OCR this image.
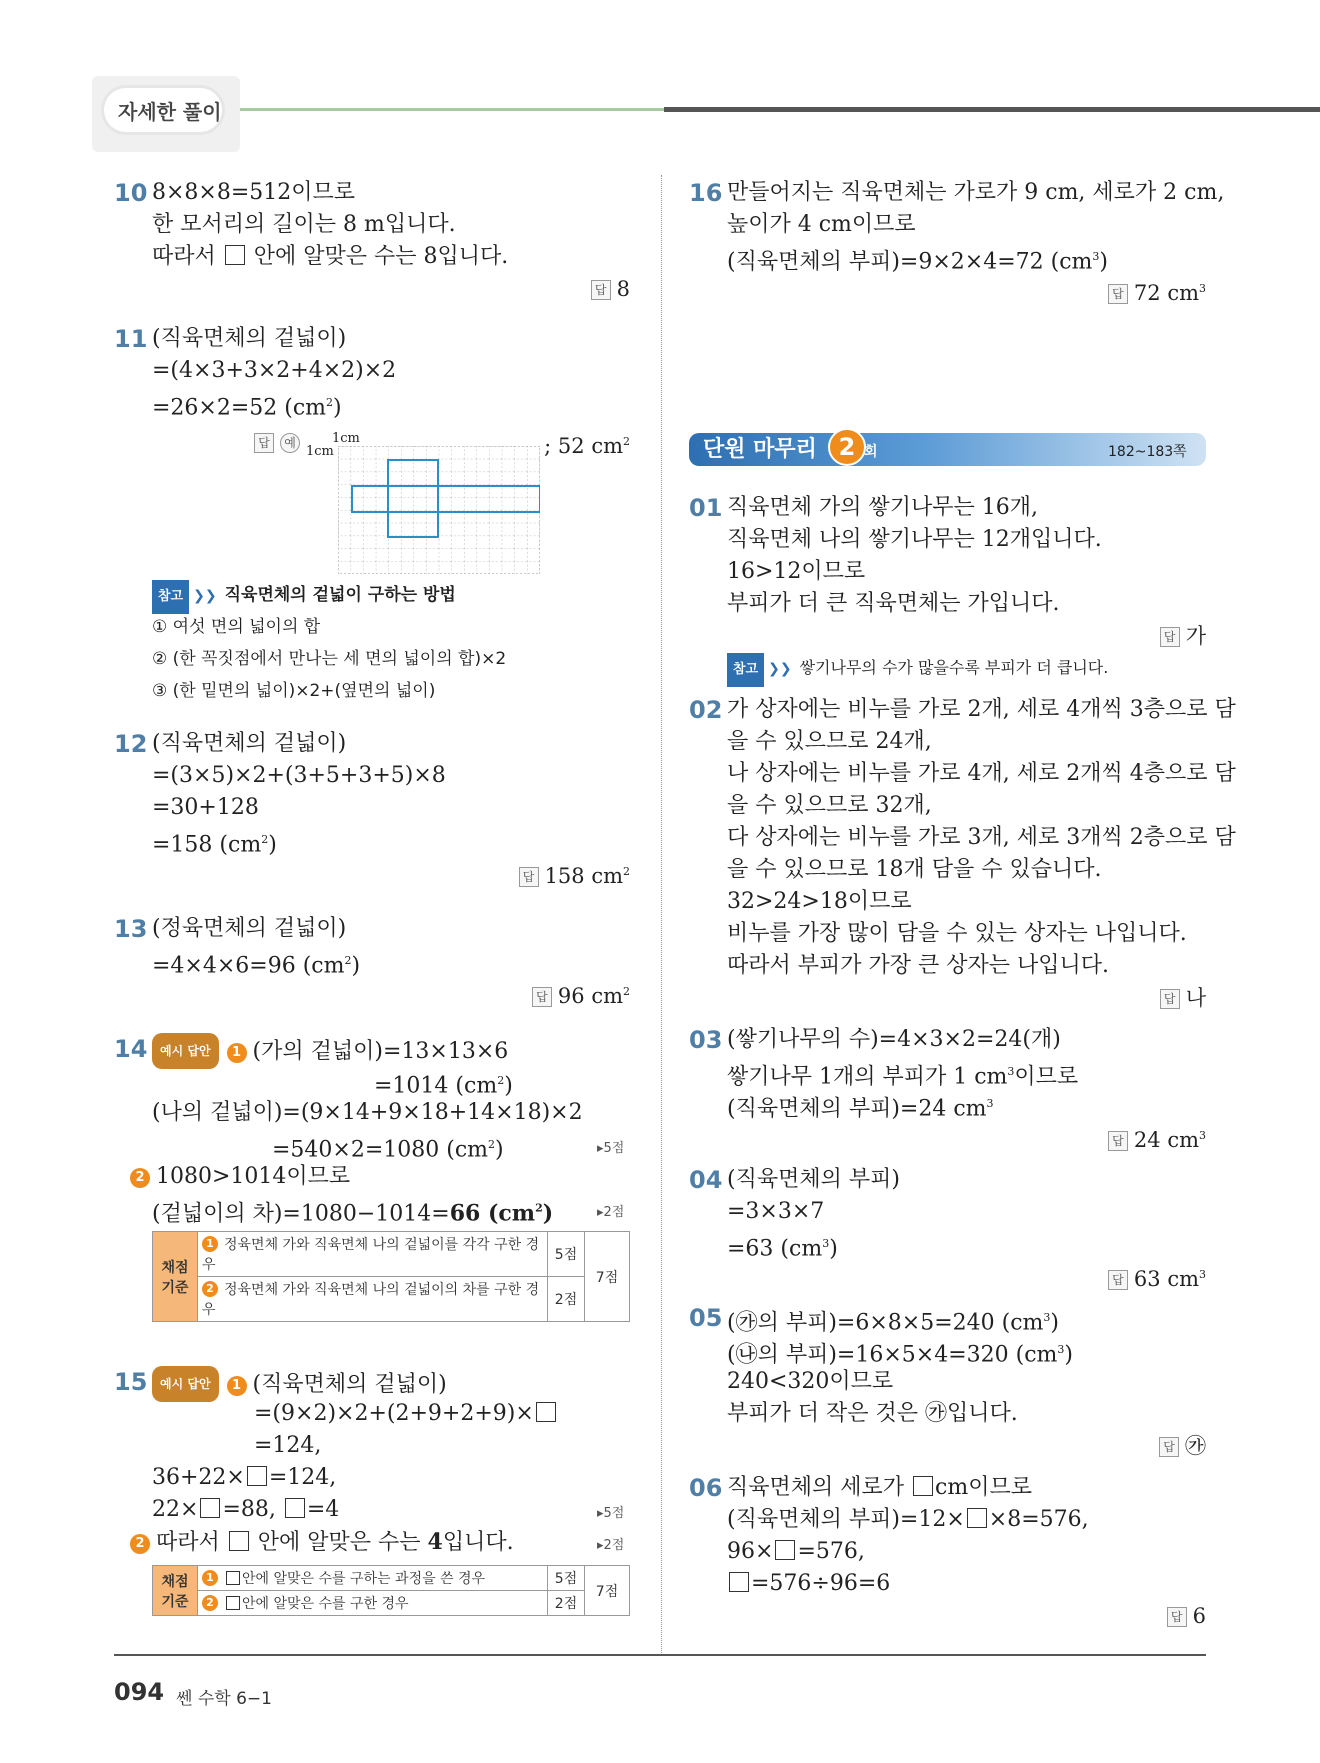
자세한 풀이
10 8×8×8=512이므로
한 모서리의 길이는 8 m입니다.
따라서 안에 알맞은 수는 8입니다.
답 8
11 (직육면체의 겉넓이)
=(4×3+3×2+4×2)×2
=26×2=52 $(cm^2)$
답 예	1cm
1cm	; 52 $cm^2$
참고 ❯❯ 직육면체의 겉넓이 구하는 방법
① 여섯 면의 넓이의 합
② (한 꼭짓점에서 만나는 세 면의 넓이의 합)×2
③ (한 밑면의 넓이)×2+(옆면의 넓이)
12 (직육면체의 겉넓이)
=(3×5)×2+(3+5+3+5)×8
=30+128
=158 $(cm^2)$
답 158 $cm^2$
13 (정육면체의 겉넓이)
=4×4×6=96 $(cm^2)$
답 96 $cm^2$
14	예시 답안 1 (가의 겉넓이)=13×13×6
=1014 $(cm^2)$
(나의 겉넓이)=(9×14+9×18+14×18)×2
=540×2=1080 $(cm^2)$	▸5점
2 1080>1014이므로
(겉넓이의 차)=1080−1014=66 $(cm^2)$	▸2점
채점 기준	1 정육면체 가와 직육면체 나의 겉넓이를 각각 구한 경우	5점	7점
	2 정육면체 가와 직육면체 나의 겉넓이의 차를 구한 경우	2점	
15	예시 답안 1 (직육면체의 겉넓이)
=(9×2)×2+(2+9+2+9)×
=124,
36+22× =124,
22× =88, =4	▸5점
2 따라서 안에 알맞은 수는 4입니다.	▸2점
채점 기준	1 안에 알맞은 수를 구하는 과정을 쓴 경우	5점	7점
	2 안에 알맞은 수를 구한 경우	2점	
16 만들어지는 직육면체는 가로가 9 cm, 세로가 2 cm,
높이가 4 cm이므로
(직육면체의 부피)=9×2×4=72 $(cm^3)$
답 72 $cm^3$
단원 마무리 2 회	182~183쪽
01 직육면체 가의 쌓기나무는 16개,
직육면체 나의 쌓기나무는 12개입니다.
16>12이므로
부피가 더 큰 직육면체는 가입니다.
답 가
참고 ❯❯ 쌓기나무의 수가 많을수록 부피가 더 큽니다.
02 가 상자에는 비누를 가로 2개, 세로 4개씩 3층으로 담
을 수 있으므로 24개,
나 상자에는 비누를 가로 4개, 세로 2개씩 4층으로 담
을 수 있으므로 32개,
다 상자에는 비누를 가로 3개, 세로 3개씩 2층으로 담
을 수 있으므로 18개 담을 수 있습니다.
32>24>18이므로
비누를 가장 많이 담을 수 있는 상자는 나입니다.
따라서 부피가 가장 큰 상자는 나입니다.
답 나
03 (쌓기나무의 수)=4×3×2=24(개)
쌓기나무 1개의 부피가 1 $cm^3$이므로
(직육면체의 부피)=24 $cm^3$
답 24 $cm^3$
04 (직육면체의 부피)
=3×3×7
=63 $(cm^3)$
답 63 $cm^3$
05 (㉮의 부피)=6×8×5=240 $(cm^3)$
(㉯의 부피)=16×5×4=320 $(cm^3)$
240<320이므로
부피가 더 작은 것은 ㉮입니다.
답 ㉮
06 직육면체의 세로가 cm이므로
(직육면체의 부피)=12× ×8=576,
96× =576,
=576÷96=6
답 6
094 쎈 수학 6−1
